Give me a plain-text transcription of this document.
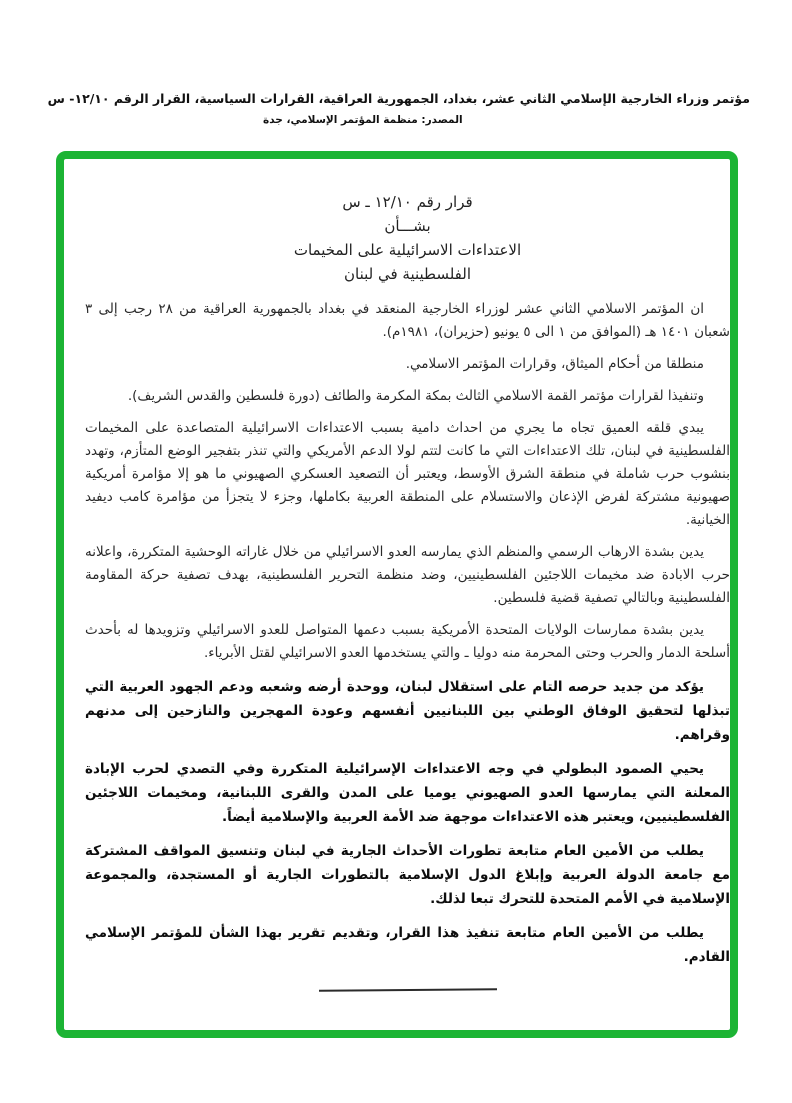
مؤتمر وزراء الخارجية الإسلامي الثاني عشر، بغداد، الجمهورية العراقية، القرارات السياسية، القرار الرقم ١٢/١٠- س
المصدر: منظمة المؤتمر الإسلامي، جدة
قرار رقم ١٢/١٠ ـ س
بشـــأن
الاعتداءات الاسرائيلية على المخيمات
الفلسطينية في لبنان

ان المؤتمر الاسلامي الثاني عشر لوزراء الخارجية المنعقد في بغداد بالجمهورية العراقية من ٢٨ رجب إلى ٣ شعبان ١٤٠١ هـ (الموافق من ١ الى ٥ يونيو (حزيران)، ١٩٨١م).

منطلقا من أحكام الميثاق، وقرارات المؤتمر الاسلامي.

وتنفيذا لقرارات مؤتمر القمة الاسلامي الثالث بمكة المكرمة والطائف (دورة فلسطين والقدس الشريف).

يبدي قلقه العميق تجاه ما يجري من احداث دامية بسبب الاعتداءات الاسرائيلية المتصاعدة على المخيمات الفلسطينية في لبنان، تلك الاعتداءات التي ما كانت لتتم لولا الدعم الأمريكي والتي تنذر بتفجير الوضع المتأزم، وتهدد بنشوب حرب شاملة في منطقة الشرق الأوسط، ويعتبر أن التصعيد العسكري الصهيوني ما هو إلا مؤامرة أمريكية صهيونية مشتركة لفرض الإذعان والاستسلام على المنطقة العربية بكاملها، وجزء لا يتجزأ من مؤامرة كامب ديفيد الخيانية.

يدين بشدة الارهاب الرسمي والمنظم الذي يمارسه العدو الاسرائيلي من خلال غاراته الوحشية المتكررة، واعلانه حرب الابادة ضد مخيمات اللاجئين الفلسطينيين، وضد منظمة التحرير الفلسطينية، بهدف تصفية حركة المقاومة الفلسطينية وبالتالي تصفية قضية فلسطين.

يدين بشدة ممارسات الولايات المتحدة الأمريكية بسبب دعمها المتواصل للعدو الاسرائيلي وتزويدها له بأحدث أسلحة الدمار والحرب وحتى المحرمة منه دوليا ـ والتي يستخدمها العدو الاسرائيلي لقتل الأبرياء.

يؤكد من جديد حرصه التام على استقلال لبنان، ووحدة أرضه وشعبه ودعم الجهود العربية التي تبذلها لتحقيق الوفاق الوطني بين اللبنانيين أنفسهم وعودة المهجرين والنازحين إلى مدنهم وقراهم.

يحيي الصمود البطولي في وجه الاعتداءات الإسرائيلية المتكررة وفي التصدي لحرب الإبادة المعلنة التي يمارسها العدو الصهيوني يوميا على المدن والقرى اللبنانية، ومخيمات اللاجئين الفلسطينيين، ويعتبر هذه الاعتداءات موجهة ضد الأمة العربية والإسلامية أيضاً.

يطلب من الأمين العام متابعة تطورات الأحداث الجارية في لبنان وتنسيق المواقف المشتركة مع جامعة الدولة العربية وإبلاغ الدول الإسلامية بالتطورات الجارية أو المستجدة، والمجموعة الإسلامية في الأمم المتحدة للتحرك تبعا لذلك.

يطلب من الأمين العام متابعة تنفيذ هذا القرار، وتقديم تقرير بهذا الشأن للمؤتمر الإسلامي القادم.
